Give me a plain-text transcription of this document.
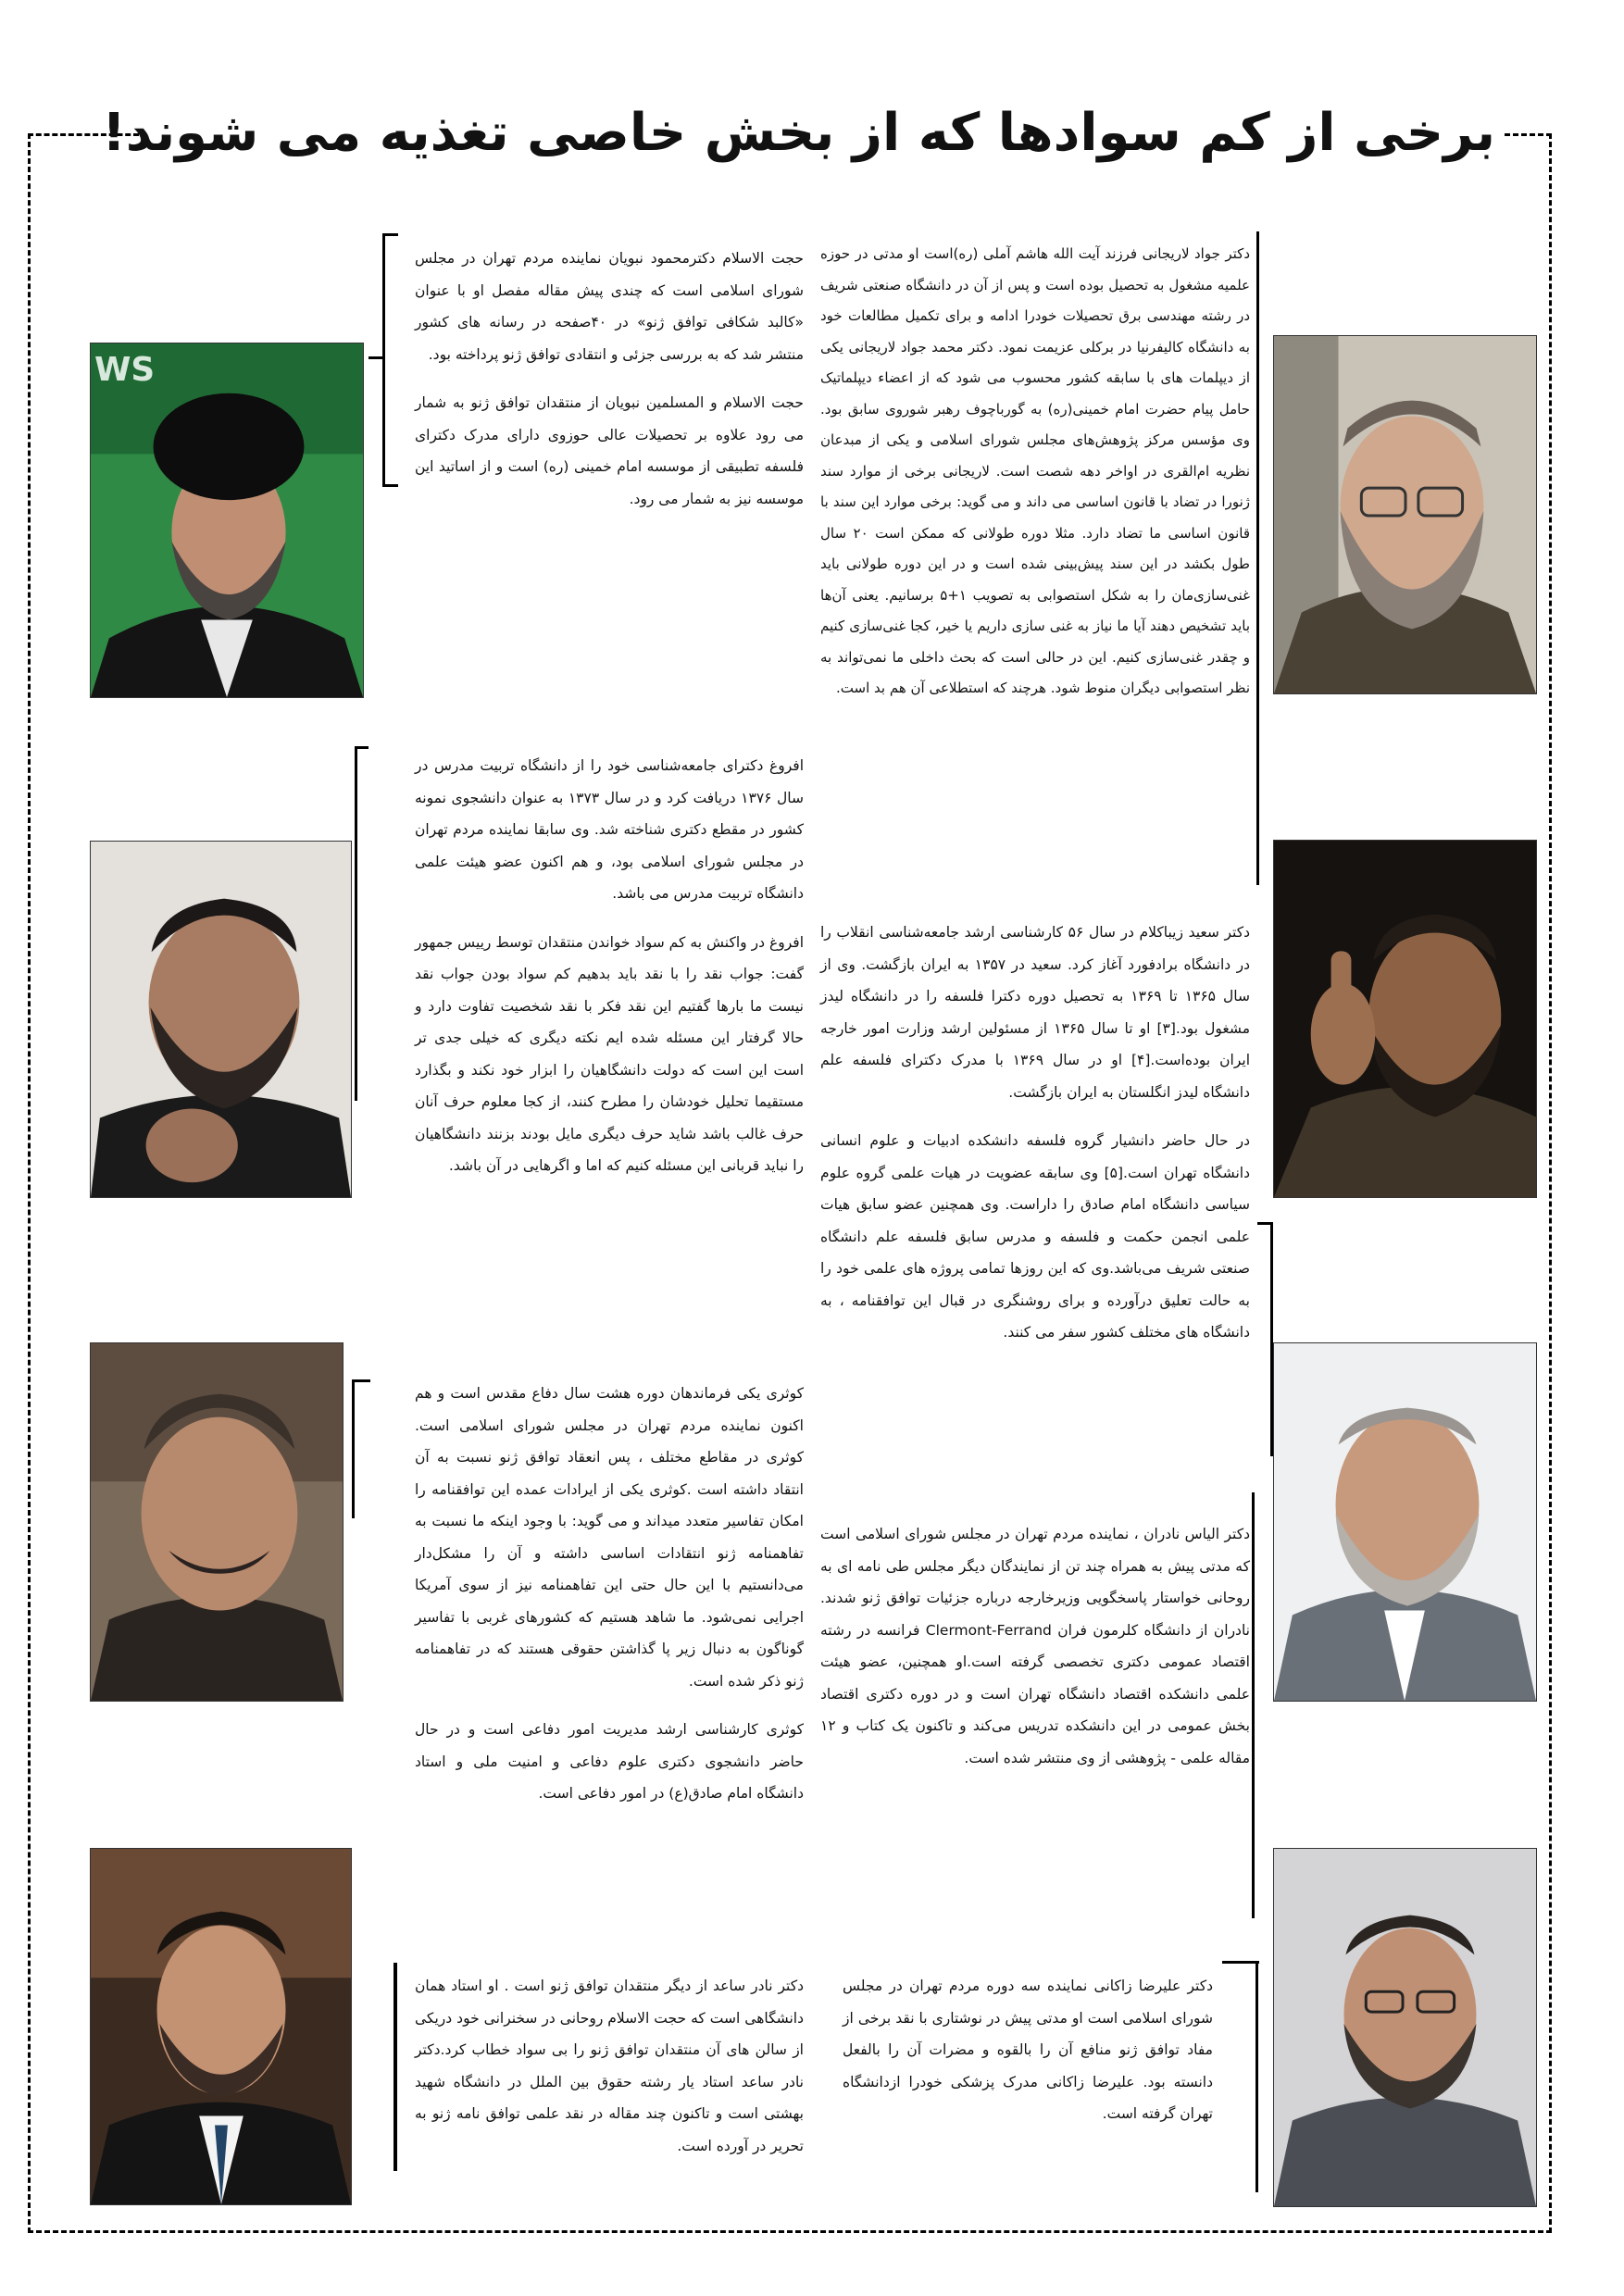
برخی از کم سوادها که از بخش خاصی تغذیه می شوند!
WS

دکتر جواد لاریجانی فرزند آیت الله هاشم آملی (ره)است او مدتی در حوزه علمیه مشغول به تحصیل بوده است و پس از آن در دانشگاه صنعتی شریف در رشته مهندسی برق تحصیلات خودرا ادامه و برای تکمیل مطالعات خود به دانشگاه کالیفرنیا در برکلی عزیمت نمود. دکتر محمد جواد لاریجانی یکی از دیپلمات های با سابقه کشور محسوب می شود که از اعضاء دیپلماتیک حامل پیام حضرت امام خمینی(ره) به گورباچوف رهبر شوروی سابق بود. وی مؤسس مرکز پژوهش‌های مجلس شورای اسلامی و یکی از مبدعان نظریه ام‌القری در اواخر دهه شصت است. لاریجانی برخی از موارد سند ژنورا در تضاد با قانون اساسی می داند و می گوید: برخی موارد این سند با قانون اساسی ما تضاد دارد. مثلا دوره طولانی که ممکن است ۲۰ سال طول بکشد در این سند پیش‌بینی شده است و در این دوره طولانی باید غنی‌سازی‌مان را به شکل استصوابی به تصویب ۱+۵ برسانیم. یعنی آن‌ها باید تشخیص دهند آیا ما نیاز به غنی سازی داریم یا خیر، کجا غنی‌سازی کنیم و چقدر غنی‌سازی کنیم. این در حالی است که بحث داخلی ما نمی‌تواند به نظر استصوابی دیگران منوط شود. هرچند که استطلاعی آن هم بد است.

حجت الاسلام دکترمحمود نبویان نماینده مردم تهران در مجلس شورای اسلامی است که چندی پیش مقاله مفصل او با عنوان «کالبد شکافی توافق ژنو» در ۴۰صفحه در رسانه های کشور منتشر شد که به بررسی جزئی و انتقادی توافق ژنو پرداخته بود.

حجت الاسلام و المسلمین نبویان از منتقدان توافق ژنو به شمار می رود علاوه بر تحصیلات عالی حوزوی دارای مدرک دکترای فلسفه تطبیقی از موسسه امام خمینی (ره) است و از اساتید این موسسه نیز به شمار می رود.

افروغ دکترای جامعه‌شناسی خود را از دانشگاه تربیت مدرس در سال ۱۳۷۶ دریافت کرد و در سال ۱۳۷۳ به عنوان دانشجوی نمونه کشور در مقطع دکتری شناخته شد. وی سابقا نماینده مردم تهران در مجلس شورای اسلامی بود، و هم اکنون عضو هیئت علمی دانشگاه تربیت مدرس می باشد.

افروغ در واکنش به کم سواد خواندن منتقدان توسط رییس جمهور گفت: جواب نقد را با نقد باید بدهیم کم سواد بودن جواب نقد نیست ما بارها گفتیم این نقد فکر با نقد شخصیت تفاوت دارد و حالا گرفتار این مسئله شده ایم نکته دیگری که خیلی جدی تر است این است که دولت دانشگاهیان را ابزار خود نکند و بگذارد مستقیما تحلیل خودشان را مطرح کنند، از کجا معلوم حرف آنان حرف غالب باشد شاید حرف دیگری مایل بودند بزنند دانشگاهیان را نباید قربانی این مسئله کنیم که اما و اگرهایی در آن باشد.

دکتر سعید زیباکلام در سال ۵۶ کارشناسی ارشد جامعه‌شناسی انقلاب را در دانشگاه برادفورد آغاز کرد. سعید در ۱۳۵۷ به ایران بازگشت. وی از سال ۱۳۶۵ تا ۱۳۶۹ به تحصیل دوره دکترا فلسفه را در دانشگاه لیدز مشغول بود.[۳] او تا سال ۱۳۶۵ از مسئولین ارشد وزارت امور خارجه ایران بوده‌است.[۴] او در سال ۱۳۶۹ با مدرک دکترای فلسفه علم دانشگاه لیدز انگلستان به ایران بازگشت.

در حال حاضر دانشیار گروه فلسفه دانشکده ادبیات و علوم انسانی دانشگاه تهران است.[۵] وی سابقه عضویت در هیات علمی گروه علوم سیاسی دانشگاه امام صادق را داراست. وی همچنین عضو سابق هیات علمی انجمن حکمت و فلسفه و مدرس سابق فلسفه علم دانشگاه صنعتی شریف می‌باشد.وی که این روزها تمامی پروژه های علمی خود را به حالت تعلیق درآورده و برای روشنگری در قبال این توافقنامه ، به دانشگاه های مختلف کشور سفر می کنند.

کوثری یکی فرماندهان دوره هشت سال دفاع مقدس است و هم اکنون نماینده مردم تهران در مجلس شورای اسلامی است. کوثری در مقاطع مختلف ، پس انعقاد توافق ژنو نسبت به آن انتقاد داشته است .کوثری یکی از ایرادات عمده این توافقنامه را امکان تفاسیر متعدد میداند و می گوید: با وجود اینکه ما نسبت به تفاهمنامه ژنو انتقادات اساسی داشته و آن را مشکل‌دار می‌دانستیم با این حال حتی این تفاهمنامه نیز از سوی آمریکا اجرایی نمی‌شود. ما شاهد هستیم که کشورهای غربی با تفاسیر گوناگون به دنبال زیر پا گذاشتن حقوقی هستند که در تفاهمنامه ژنو ذکر شده است.

کوثری کارشناسی ارشد مدیریت امور دفاعی است و در حال حاضر دانشجوی دکتری علوم دفاعی و امنیت ملی و استاد دانشگاه امام صادق(ع) در امور دفاعی است.

دکتر الیاس نادران ، نماینده مردم تهران در مجلس شورای اسلامی است که مدتی پیش به همراه چند تن از نمایندگان دیگر مجلس طی نامه ای به روحانی خواستار پاسخگویی وزیرخارجه درباره جزئیات توافق ژنو شدند. نادران از دانشگاه کلرمون فران Clermont-Ferrand فرانسه در رشته اقتصاد عمومی دکتری تخصصی گرفته است.او همچنین، عضو هیئت علمی دانشکده اقتصاد دانشگاه تهران است و در دوره دکتری اقتصاد بخش عمومی در این دانشکده تدریس می‌کند و تاکنون یک کتاب و ۱۲ مقاله علمی - پژوهشی از وی منتشر شده است.

دکتر نادر ساعد از دیگر منتقدان توافق ژنو است . او استاد همان دانشگاهی است که حجت الاسلام روحانی در سخنرانی خود دریکی از سالن های آن منتقدان توافق ژنو را بی سواد خطاب کرد.دکتر نادر ساعد استاد یار رشته حقوق بین الملل در دانشگاه شهید بهشتی است و تاکنون چند مقاله در نقد علمی توافق نامه ژنو به تحریر در آورده است.

دکتر علیرضا زاکانی نماینده سه دوره مردم تهران در مجلس شورای اسلامی است او مدتی پیش در نوشتاری با نقد برخی از مفاد توافق ژنو منافع آن را بالقوه و مضرات آن را بالفعل دانسته بود. علیرضا زاکانی مدرک پزشکی خودرا ازدانشگاه تهران گرفته است.
